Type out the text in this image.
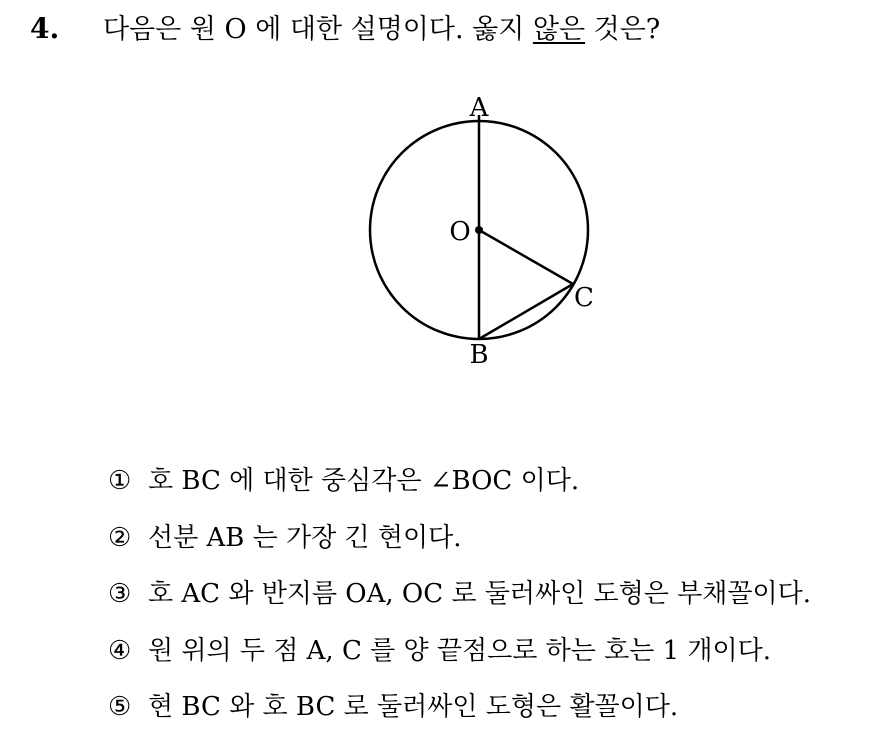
4. 다음은 원 O 에 대한 설명이다. 옳지 않은 것은?
A
O
B
C
① 호 BC 에 대한 중심각은 ∠BOC 이다.
② 선분 AB 는 가장 긴 현이다.
③ 호 AC 와 반지름 OA, OC 로 둘러싸인 도형은 부채꼴이다.
④ 원 위의 두 점 A, C 를 양 끝점으로 하는 호는 1 개이다.
⑤ 현 BC 와 호 BC 로 둘러싸인 도형은 활꼴이다.
